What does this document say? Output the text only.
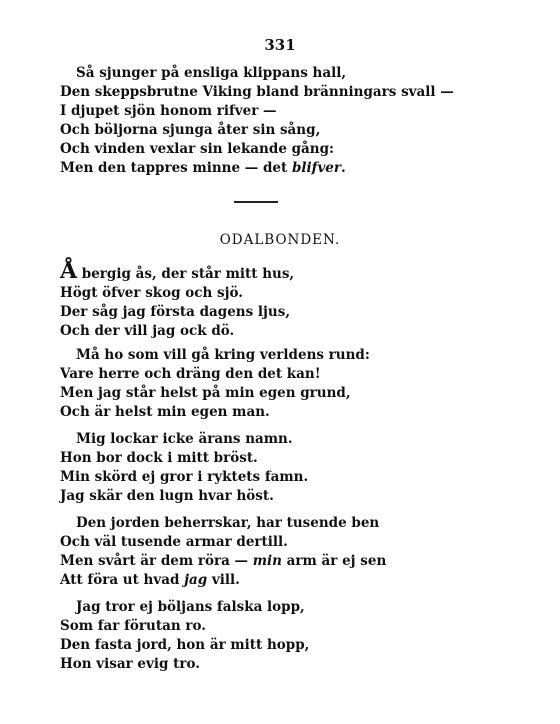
331
Så sjunger på ensliga klippans hall,
Den skeppsbrutne Viking bland bränningars svall —
I djupet sjön honom rifver —
Och böljorna sjunga åter sin sång,
Och vinden vexlar sin lekande gång:
Men den tappres minne — det blifver.
ODALBONDEN.
Å bergig ås, der står mitt hus,
Högt öfver skog och sjö.
Der såg jag första dagens ljus,
Och der vill jag ock dö.
Må ho som vill gå kring verldens rund:
Vare herre och dräng den det kan!
Men jag står helst på min egen grund,
Och är helst min egen man.
Mig lockar icke ärans namn.
Hon bor dock i mitt bröst.
Min skörd ej gror i ryktets famn.
Jag skär den lugn hvar höst.
Den jorden beherrskar, har tusende ben
Och väl tusende armar dertill.
Men svårt är dem röra — min arm är ej sen
Att föra ut hvad jag vill.
Jag tror ej böljans falska lopp,
Som far förutan ro.
Den fasta jord, hon är mitt hopp,
Hon visar evig tro.
